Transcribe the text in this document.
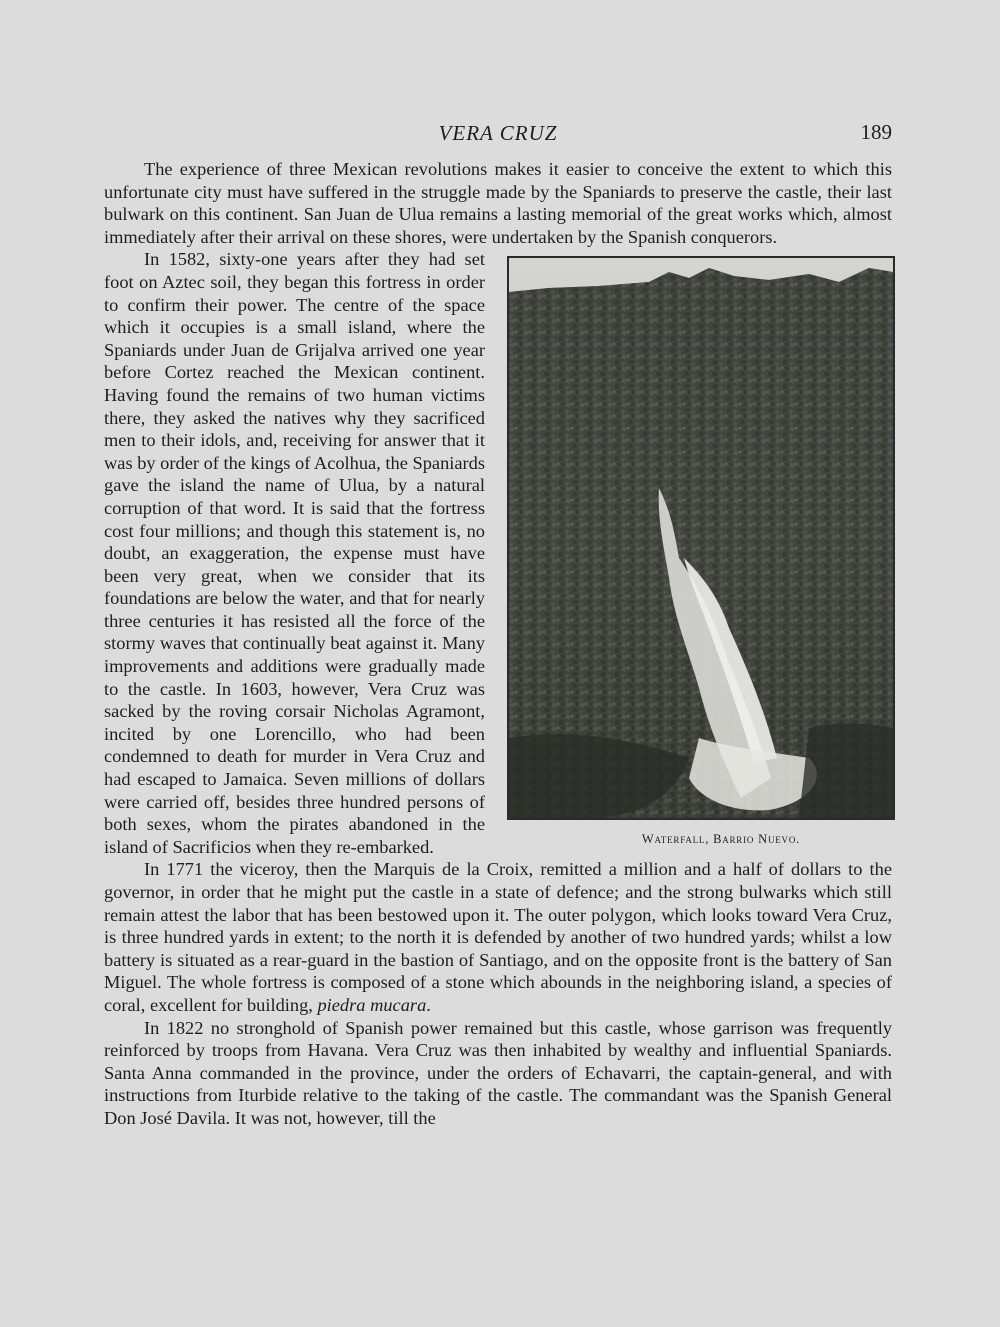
VERA CRUZ	189

The experience of three Mexican revolutions makes it easier to conceive the extent to which this unfortunate city must have suffered in the struggle made by the Spaniards to preserve the castle, their last bulwark on this continent. San Juan de Ulua remains a lasting memorial of the great works which, almost immediately after their arrival on these shores, were undertaken by the Spanish conquerors.

Waterfall, Barrio Nuevo.
In 1582, sixty-one years after they had set foot on Aztec soil, they began this fortress in order to confirm their power. The centre of the space which it occupies is a small island, where the Spaniards under Juan de Grijalva arrived one year before Cortez reached the Mexican continent. Having found the remains of two human victims there, they asked the natives why they sacrificed men to their idols, and, receiving for answer that it was by order of the kings of Acolhua, the Spaniards gave the island the name of Ulua, by a natural corruption of that word. It is said that the fortress cost four millions; and though this statement is, no doubt, an exaggeration, the expense must have been very great, when we consider that its foundations are below the water, and that for nearly three centuries it has resisted all the force of the stormy waves that continually beat against it. Many improvements and additions were gradually made to the castle. In 1603, however, Vera Cruz was sacked by the roving corsair Nicholas Agramont, incited by one Lorencillo, who had been condemned to death for murder in Vera Cruz and had escaped to Jamaica. Seven millions of dollars were carried off, besides three hundred persons of both sexes, whom the pirates abandoned in the island of Sacrificios when they re-embarked.

In 1771 the viceroy, then the Marquis de la Croix, remitted a million and a half of dollars to the governor, in order that he might put the castle in a state of defence; and the strong bulwarks which still remain attest the labor that has been bestowed upon it. The outer polygon, which looks toward Vera Cruz, is three hundred yards in extent; to the north it is defended by another of two hundred yards; whilst a low battery is situated as a rear-guard in the bastion of Santiago, and on the opposite front is the battery of San Miguel. The whole fortress is composed of a stone which abounds in the neighboring island, a species of coral, excellent for building, piedra mucara.

In 1822 no stronghold of Spanish power remained but this castle, whose garrison was frequently reinforced by troops from Havana. Vera Cruz was then inhabited by wealthy and influential Spaniards. Santa Anna commanded in the province, under the orders of Echavarri, the captain-general, and with instructions from Iturbide relative to the taking of the castle. The commandant was the Spanish General Don José Davila. It was not, however, till the
